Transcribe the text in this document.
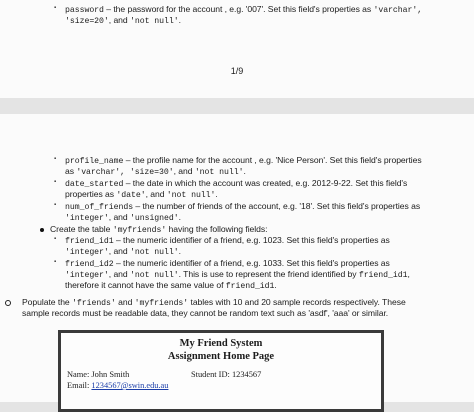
▪ password – the password for the account , e.g. '007'. Set this field's properties as 'varchar',
'size=20', and 'not null'.
1/9
▪ profile_name – the profile name for the account , e.g. 'Nice Person'. Set this field's properties
as 'varchar', 'size=30', and 'not null'.
▪ date_started – the date in which the account was created, e.g. 2012-9-22. Set this field's
properties as 'date', and 'not null'.
▪ num_of_friends – the number of friends of the account, e.g. '18'. Set this field's properties as
'integer', and 'unsigned'.
Create the table 'myfriends' having the following fields:
▪ friend_id1 – the numeric identifier of a friend, e.g. 1023. Set this field's properties as
'integer', and 'not null'.
▪ friend_id2 – the numeric identifier of a friend, e.g. 1033. Set this field's properties as
'integer', and 'not null'. This is use to represent the friend identified by friend_id1,
therefore it cannot have the same value of friend_id1.
Populate the 'friends' and 'myfriends' tables with 10 and 20 sample records respectively. These
sample records must be readable data, they cannot be random text such as 'asdf', 'aaa' or similar.
My Friend System
Assignment Home Page
Name: John Smith	Student ID: 1234567
Email: 1234567@swin.edu.au
